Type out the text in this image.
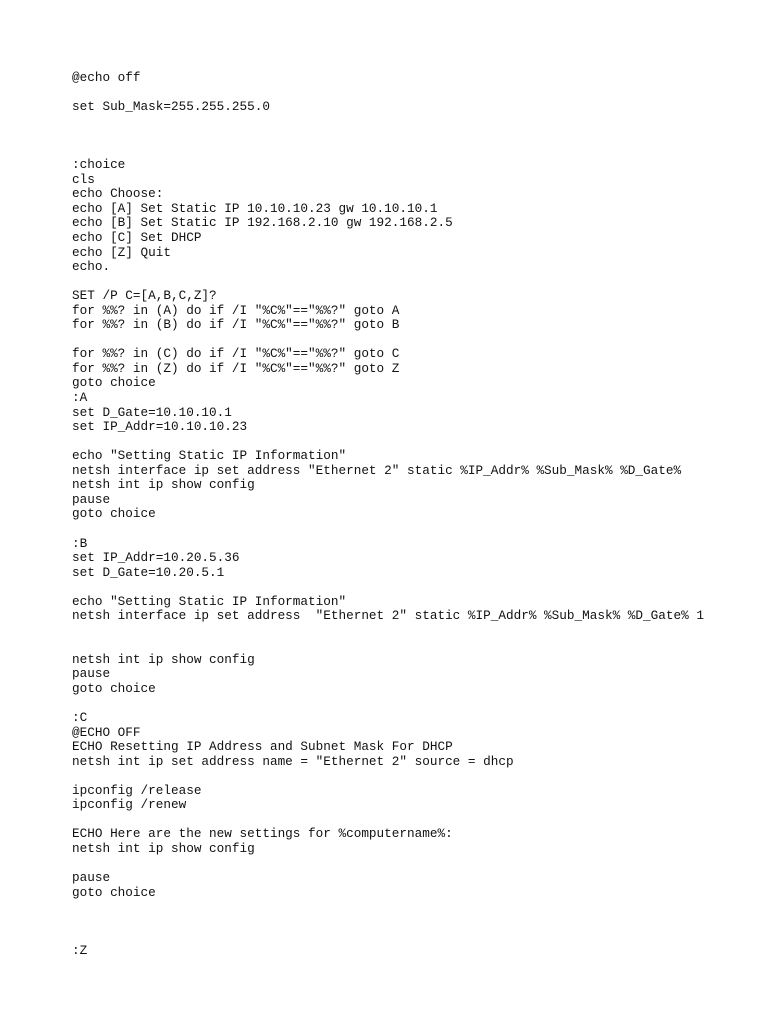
@echo off
set Sub_Mask=255.255.255.0
:choice
cls
echo Choose:
echo [A] Set Static IP 10.10.10.23 gw 10.10.10.1
echo [B] Set Static IP 192.168.2.10 gw 192.168.2.5
echo [C] Set DHCP
echo [Z] Quit
echo.
SET /P C=[A,B,C,Z]?
for %%? in (A) do if /I "%C%"=="%%?" goto A
for %%? in (B) do if /I "%C%"=="%%?" goto B
for %%? in (C) do if /I "%C%"=="%%?" goto C
for %%? in (Z) do if /I "%C%"=="%%?" goto Z
goto choice
:A
set D_Gate=10.10.10.1
set IP_Addr=10.10.10.23
echo "Setting Static IP Information"
netsh interface ip set address "Ethernet 2" static %IP_Addr% %Sub_Mask% %D_Gate%
netsh int ip show config
pause
goto choice
:B
set IP_Addr=10.20.5.36
set D_Gate=10.20.5.1
echo "Setting Static IP Information"
netsh interface ip set address  "Ethernet 2" static %IP_Addr% %Sub_Mask% %D_Gate% 1
netsh int ip show config
pause
goto choice
:C
@ECHO OFF
ECHO Resetting IP Address and Subnet Mask For DHCP
netsh int ip set address name = "Ethernet 2" source = dhcp
ipconfig /release
ipconfig /renew
ECHO Here are the new settings for %computername%:
netsh int ip show config
pause
goto choice
:Z
